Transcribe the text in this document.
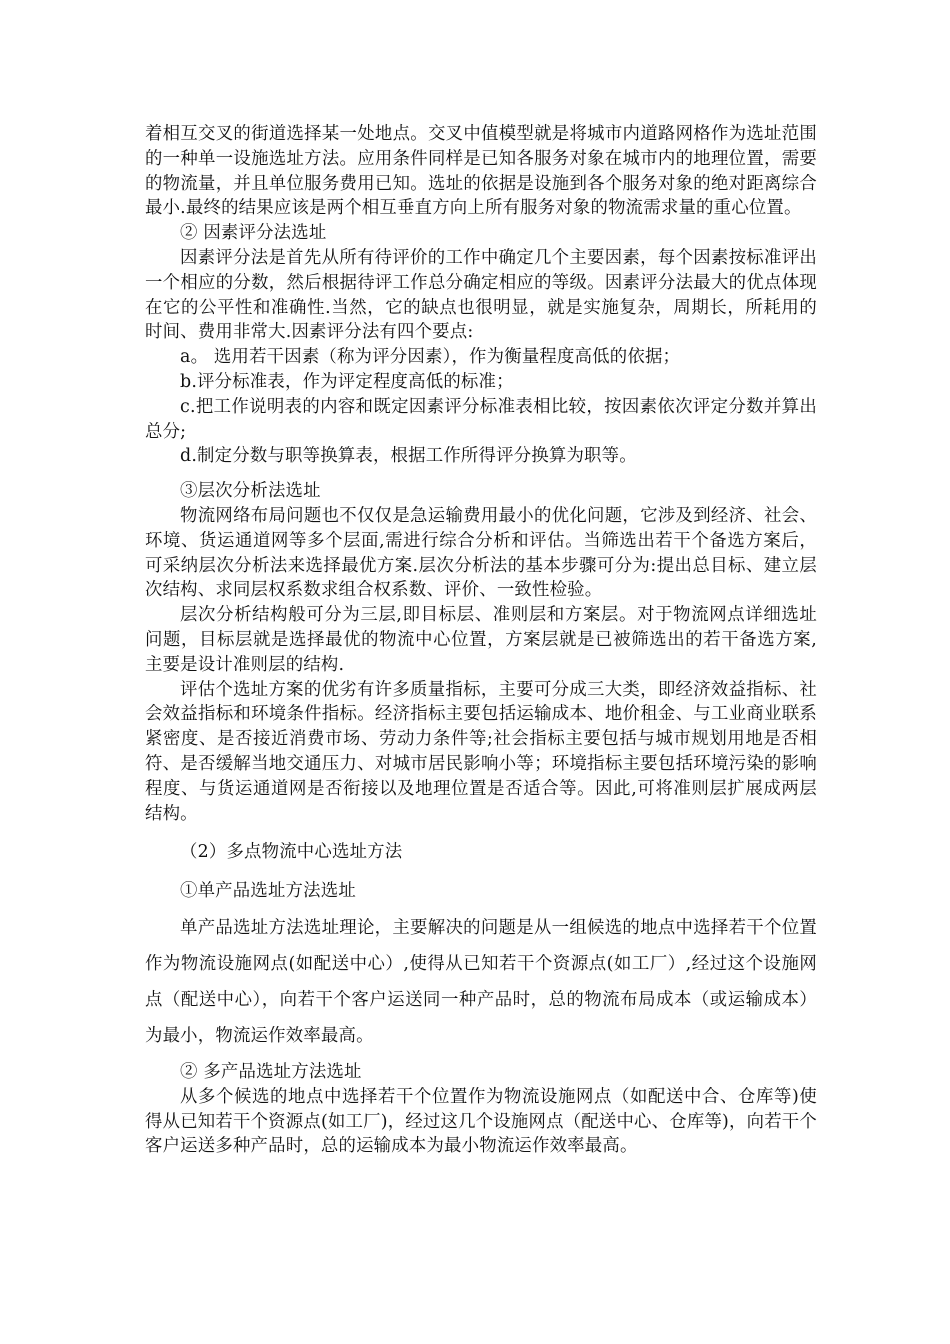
着相互交叉的街道选择某一处地点。交叉中值模型就是将城市内道路网格作为选址范围的一种单一设施选址方法。应用条件同样是已知各服务对象在城市内的地理位置，需要的物流量，并且单位服务费用已知。选址的依据是设施到各个服务对象的绝对距离综合最小.最终的结果应该是两个相互垂直方向上所有服务对象的物流需求量的重心位置。

② 因素评分法选址

因素评分法是首先从所有待评价的工作中确定几个主要因素，每个因素按标准评出一个相应的分数，然后根据待评工作总分确定相应的等级。因素评分法最大的优点体现在它的公平性和准确性.当然，它的缺点也很明显，就是实施复杂，周期长，所耗用的时间、费用非常大.因素评分法有四个要点:

a。 选用若干因素（称为评分因素），作为衡量程度高低的依据；

b.评分标准表，作为评定程度高低的标准；

c.把工作说明表的内容和既定因素评分标准表相比较，按因素依次评定分数并算出总分;

d.制定分数与职等换算表，根据工作所得评分换算为职等。

③层次分析法选址

物流网络布局问题也不仅仅是急运输费用最小的优化问题，它涉及到经济、社会、环境、货运通道网等多个层面,需进行综合分析和评估。当筛选出若干个备选方案后，可采纳层次分析法来选择最优方案.层次分析法的基本步骤可分为:提出总目标、建立层次结构、求同层权系数求组合权系数、评价、一致性检验。

层次分析结构般可分为三层,即目标层、准则层和方案层。对于物流网点详细选址问题，目标层就是选择最优的物流中心位置，方案层就是已被筛选出的若干备选方案,主要是设计准则层的结构.

评估个选址方案的优劣有许多质量指标，主要可分成三大类，即经济效益指标、社会效益指标和环境条件指标。经济指标主要包括运输成本、地价租金、与工业商业联系紧密度、是否接近消费市场、劳动力条件等;社会指标主要包括与城市规划用地是否相符、是否缓解当地交通压力、对城市居民影响小等；环境指标主要包括环境污染的影响程度、与货运通道网是否衔接以及地理位置是否适合等。因此,可将准则层扩展成两层结构。

（2）多点物流中心选址方法

①单产品选址方法选址

单产品选址方法选址理论，主要解决的问题是从一组候选的地点中选择若干个位置作为物流设施网点(如配送中心）,使得从已知若干个资源点(如工厂）,经过这个设施网点（配送中心），向若干个客户运送同一种产品时，总的物流布局成本（或运输成本）为最小，物流运作效率最高。

② 多产品选址方法选址

从多个候选的地点中选择若干个位置作为物流设施网点（如配送中合、仓库等)使得从已知若干个资源点(如工厂)，经过这几个设施网点（配送中心、仓库等)，向若干个客户运送多种产品时，总的运输成本为最小物流运作效率最高。
